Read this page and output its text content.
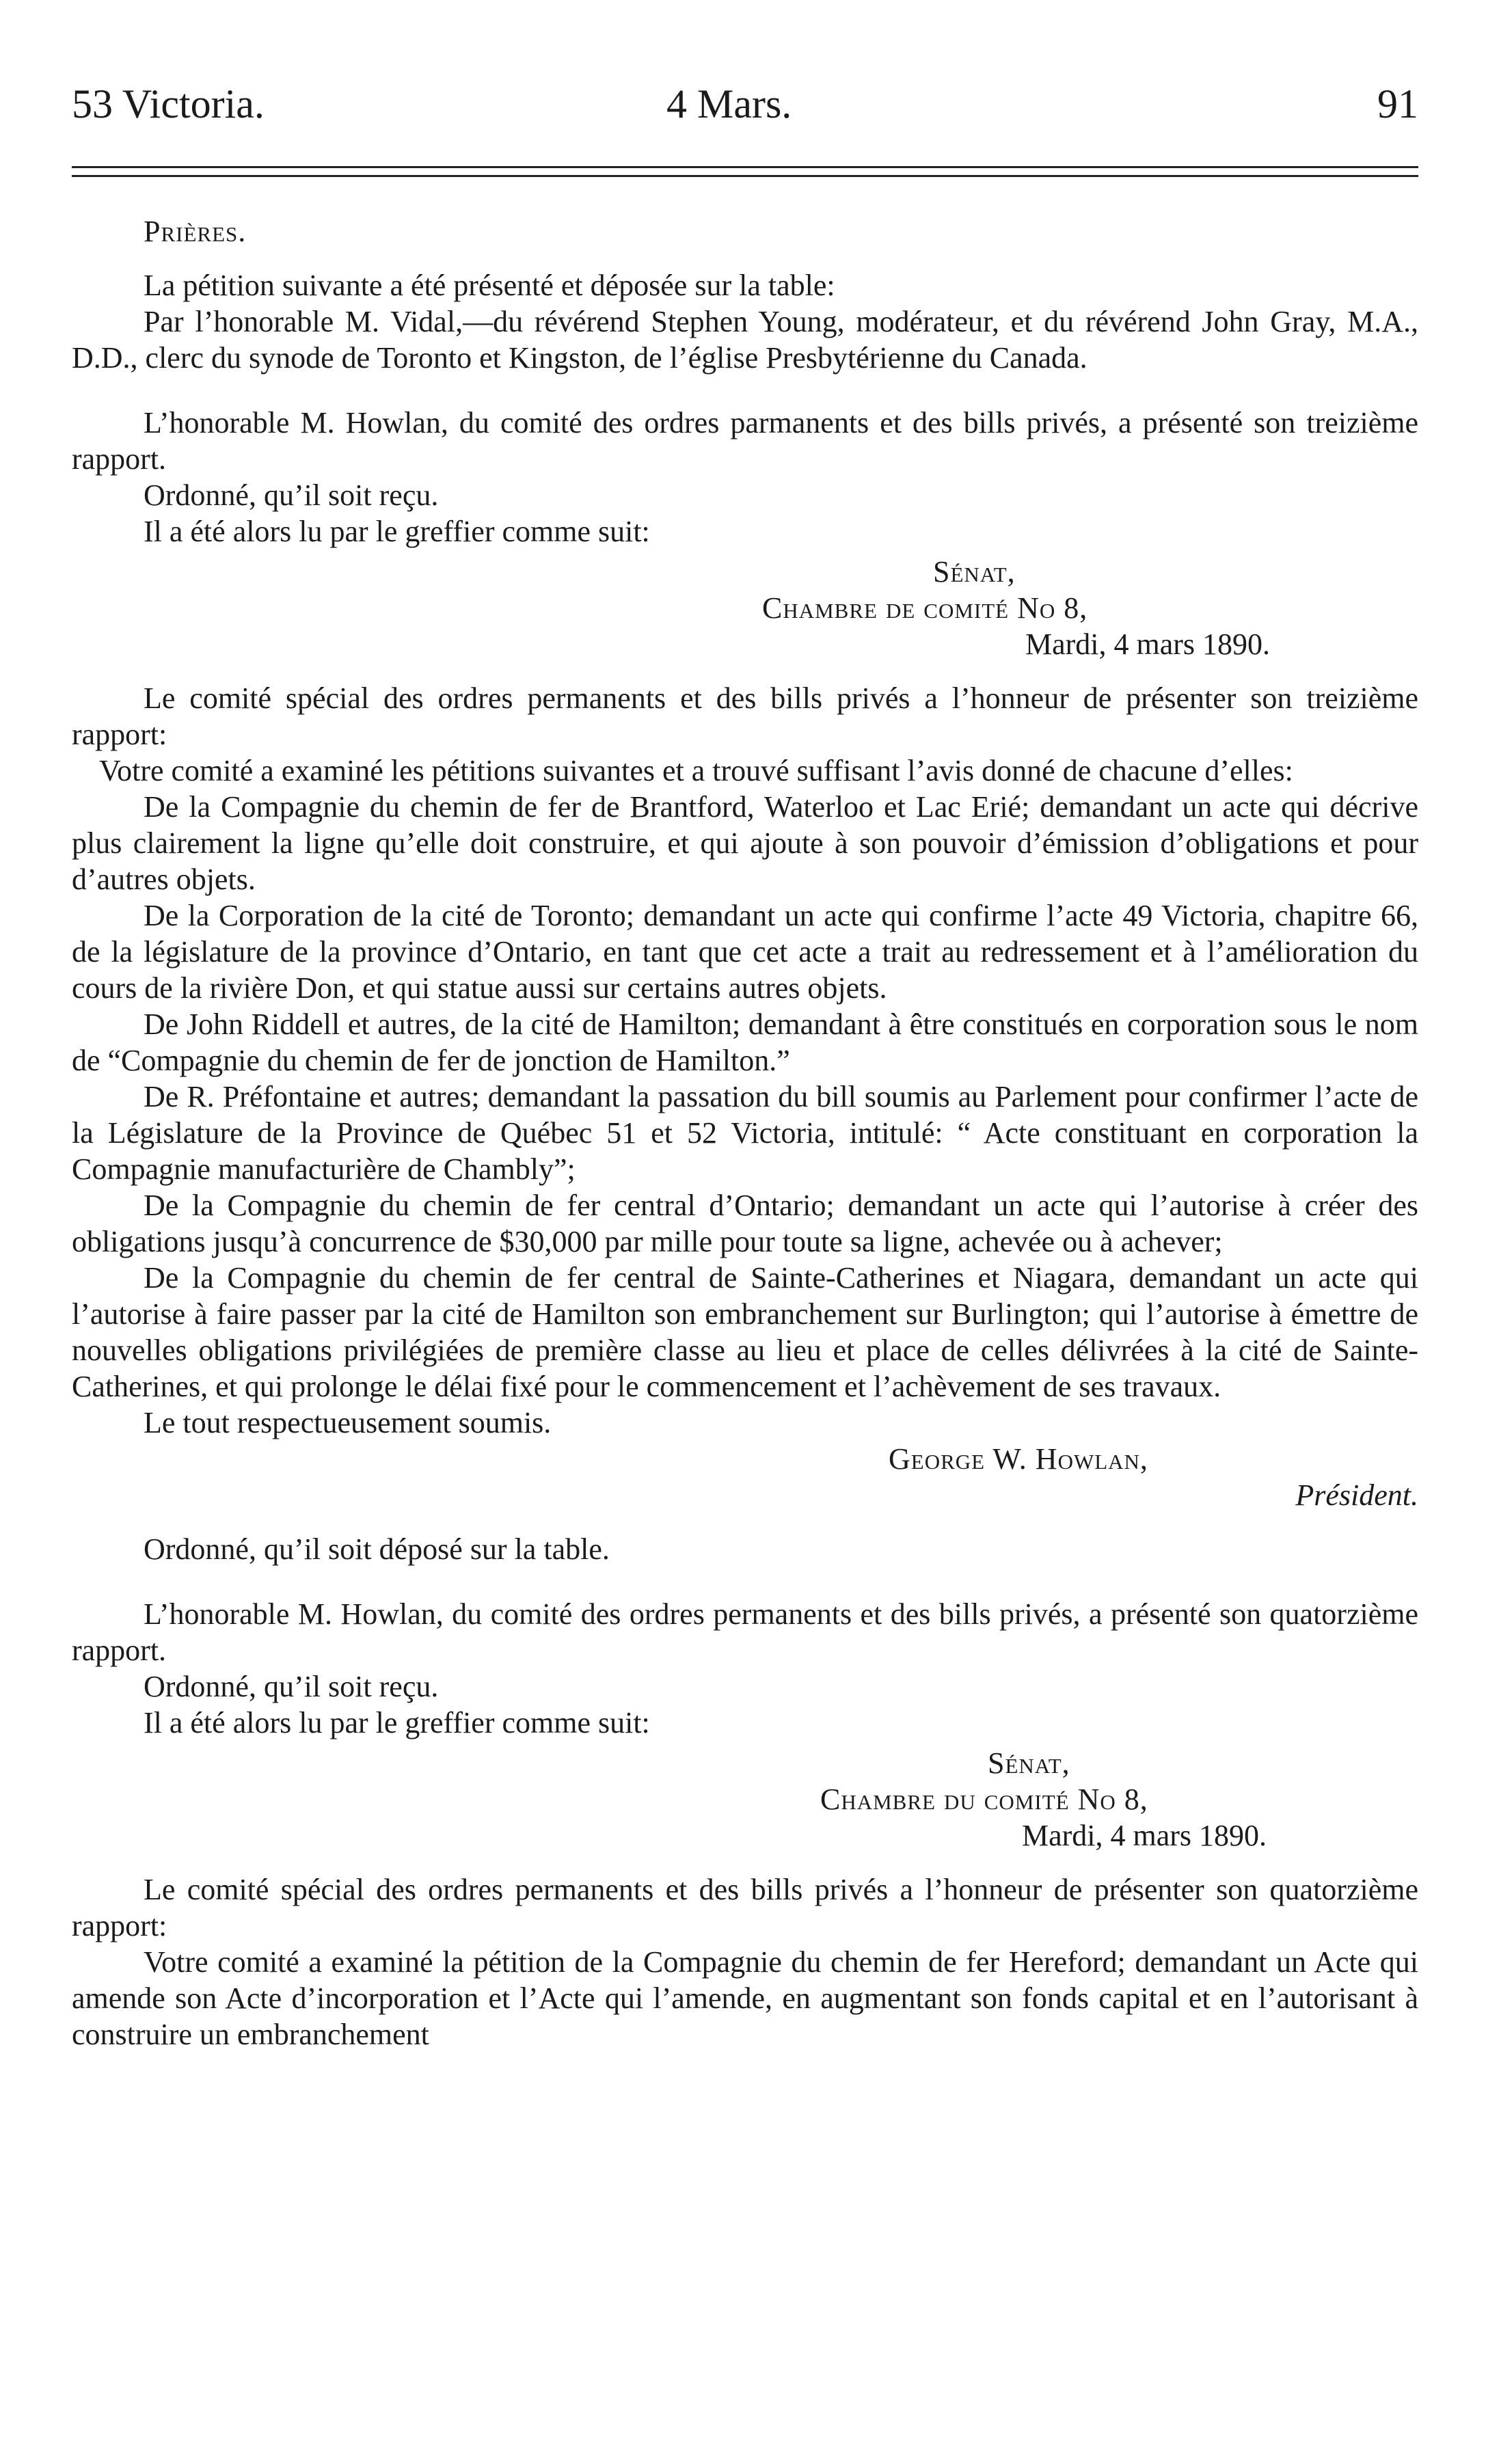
53 Victoria.	4 Mars.	91

Prières.

La pétition suivante a été présenté et déposée sur la table:

Par l’honorable M. Vidal,—du révérend Stephen Young, modérateur, et du révérend John Gray, M.A., D.D., clerc du synode de Toronto et Kingston, de l’église Presbytérienne du Canada.

L’honorable M. Howlan, du comité des ordres parmanents et des bills privés, a présenté son treizième rapport.

Ordonné, qu’il soit reçu.

Il a été alors lu par le greffier comme suit:

Sénat,

Chambre de comité No 8,

Mardi, 4 mars 1890.

Le comité spécial des ordres permanents et des bills privés a l’honneur de présenter son treizième rapport:

Votre comité a examiné les pétitions suivantes et a trouvé suffisant l’avis donné de chacune d’elles:

De la Compagnie du chemin de fer de Brantford, Waterloo et Lac Erié; demandant un acte qui décrive plus clairement la ligne qu’elle doit construire, et qui ajoute à son pouvoir d’émission d’obligations et pour d’autres objets.

De la Corporation de la cité de Toronto; demandant un acte qui confirme l’acte 49 Victoria, chapitre 66, de la législature de la province d’Ontario, en tant que cet acte a trait au redressement et à l’amélioration du cours de la rivière Don, et qui statue aussi sur certains autres objets.

De John Riddell et autres, de la cité de Hamilton; demandant à être constitués en corporation sous le nom de “Compagnie du chemin de fer de jonction de Hamilton.”

De R. Préfontaine et autres; demandant la passation du bill soumis au Parlement pour confirmer l’acte de la Législature de la Province de Québec 51 et 52 Victoria, intitulé: “ Acte constituant en corporation la Compagnie manufacturière de Chambly”;

De la Compagnie du chemin de fer central d’Ontario; demandant un acte qui l’autorise à créer des obligations jusqu’à concurrence de $30,000 par mille pour toute sa ligne, achevée ou à achever;

De la Compagnie du chemin de fer central de Sainte-Catherines et Niagara, demandant un acte qui l’autorise à faire passer par la cité de Hamilton son embranchement sur Burlington; qui l’autorise à émettre de nouvelles obligations privilégiées de première classe au lieu et place de celles délivrées à la cité de Sainte-Catherines, et qui prolonge le délai fixé pour le commencement et l’achèvement de ses travaux.

Le tout respectueusement soumis.

George W. Howlan,

Président.

Ordonné, qu’il soit déposé sur la table.

L’honorable M. Howlan, du comité des ordres permanents et des bills privés, a présenté son quatorzième rapport.

Ordonné, qu’il soit reçu.

Il a été alors lu par le greffier comme suit:

Sénat,

Chambre du comité No 8,

Mardi, 4 mars 1890.

Le comité spécial des ordres permanents et des bills privés a l’honneur de présenter son quatorzième rapport:

Votre comité a examiné la pétition de la Compagnie du chemin de fer Hereford; demandant un Acte qui amende son Acte d’incorporation et l’Acte qui l’amende, en augmentant son fonds capital et en l’autorisant à construire un embranchement
